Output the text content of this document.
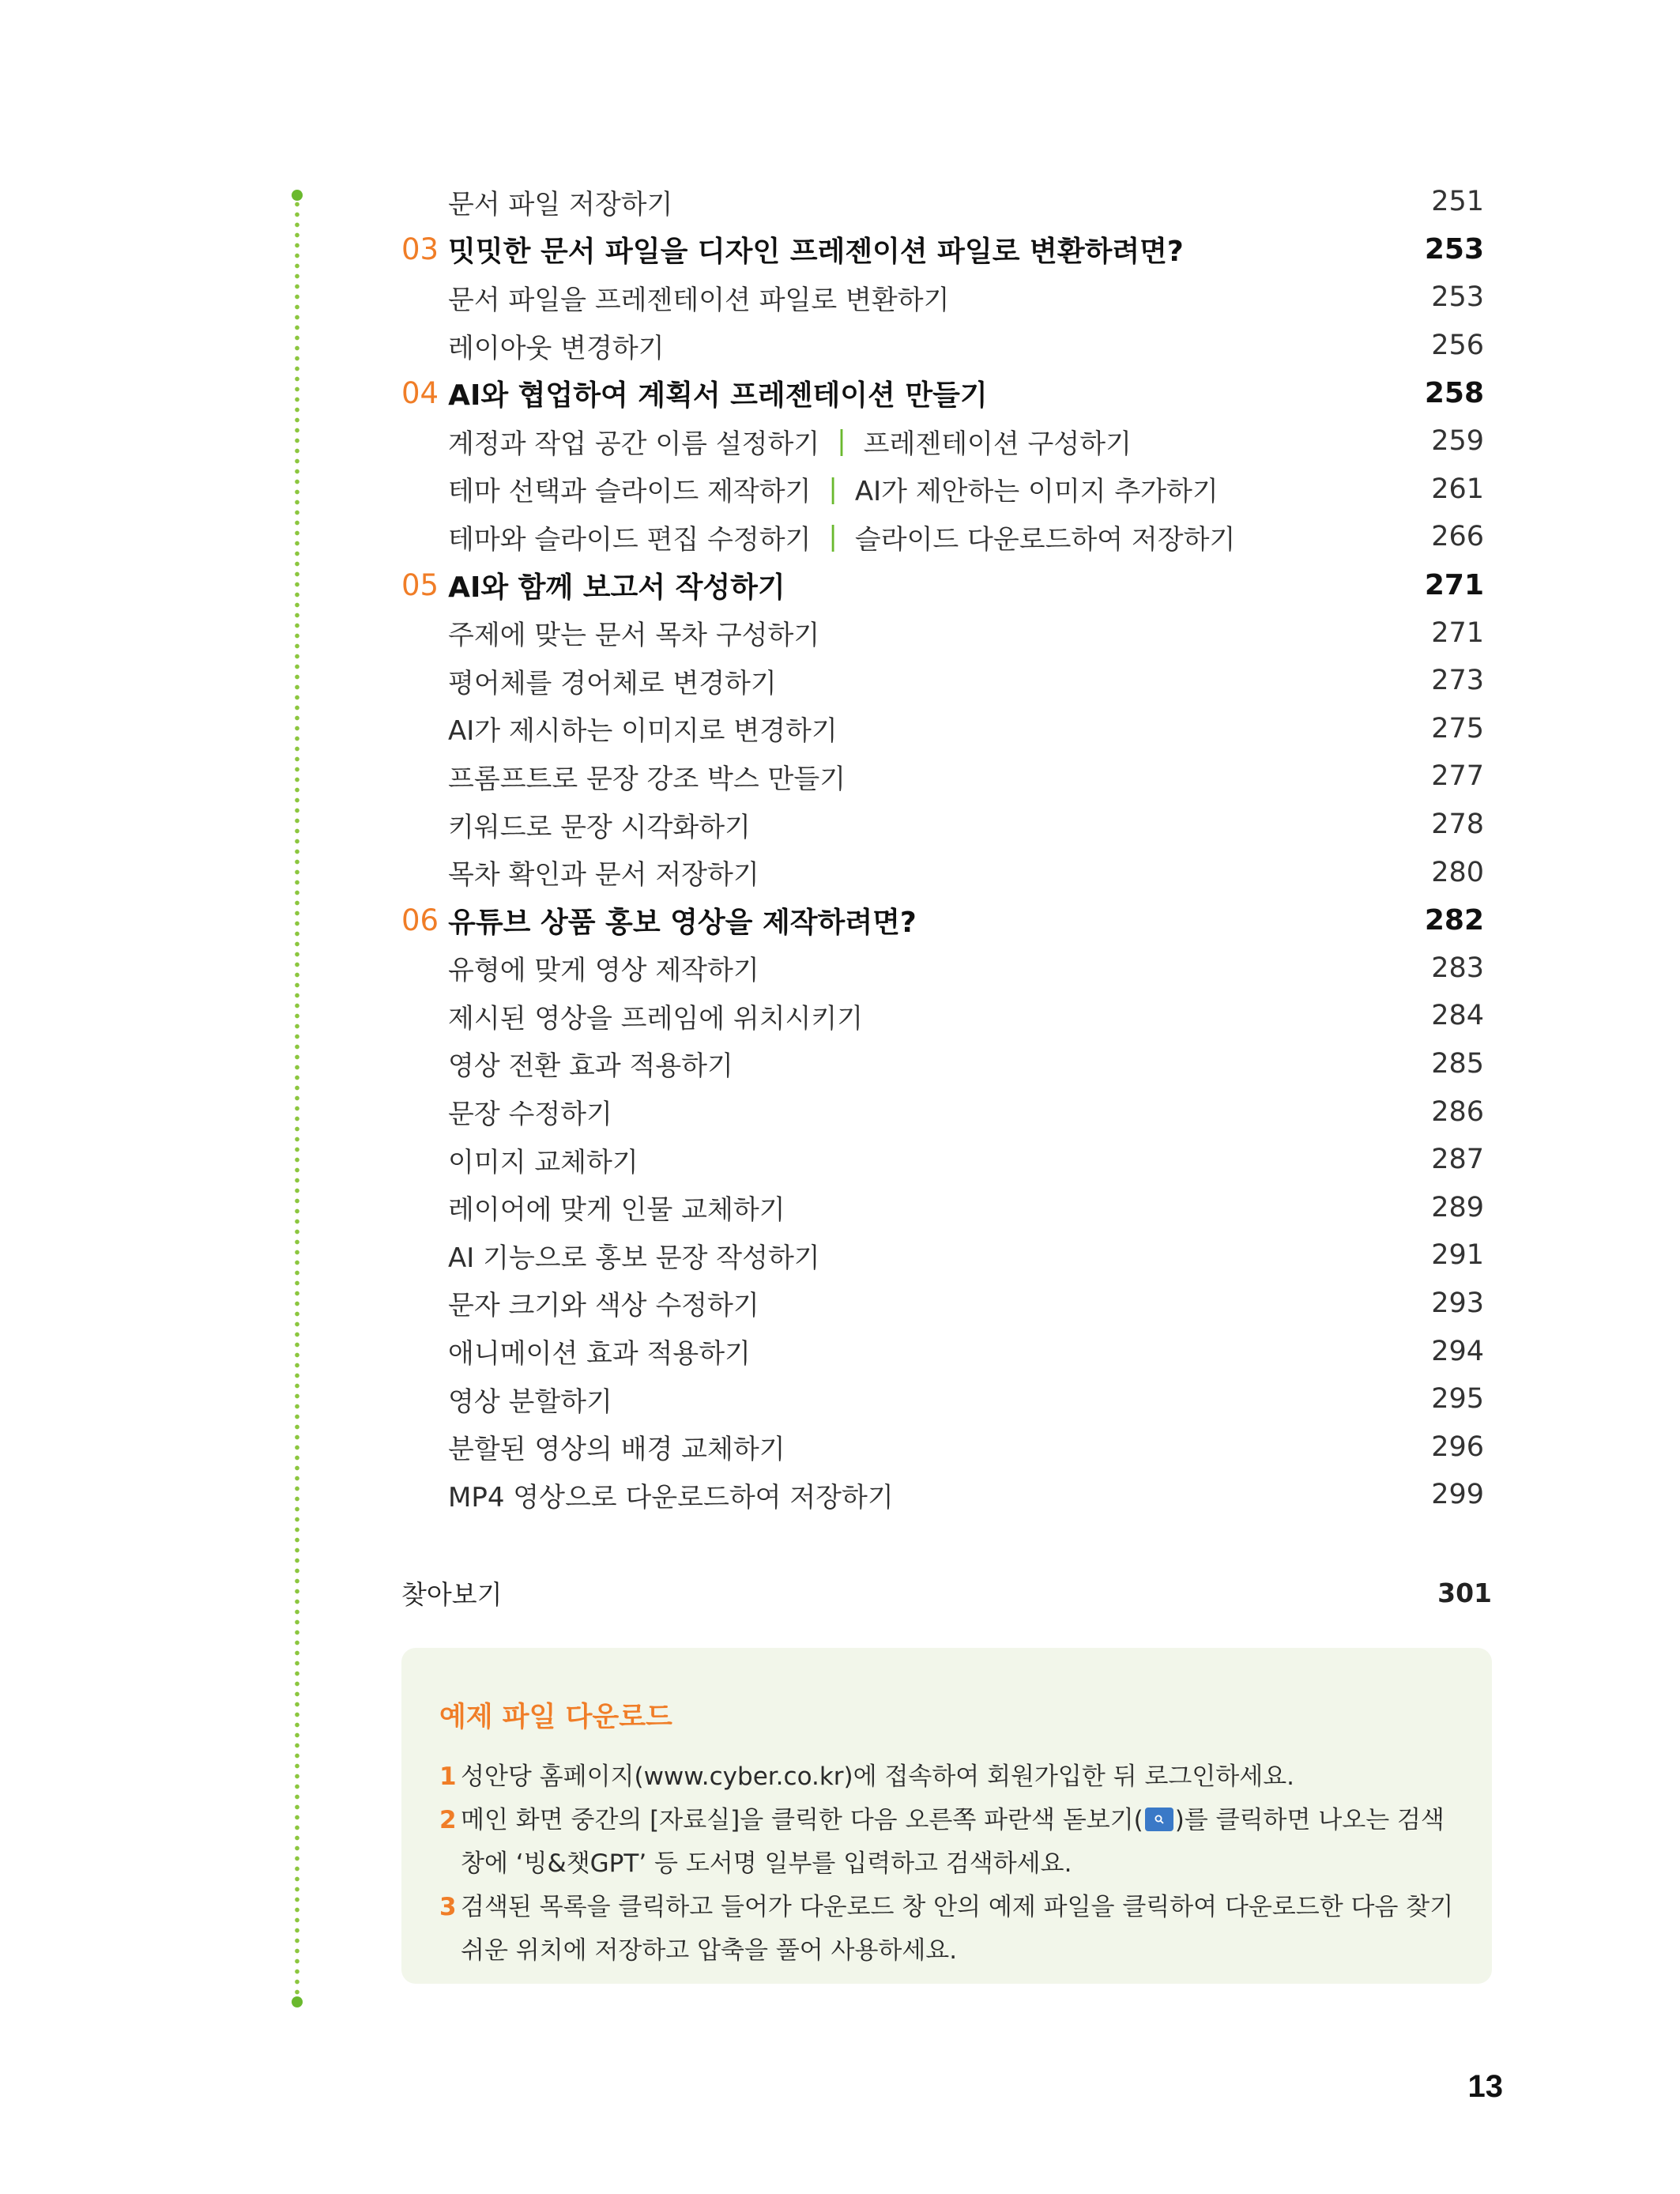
문서 파일 저장하기	251
03 밋밋한 문서 파일을 디자인 프레젠이션 파일로 변환하려면?	253
문서 파일을 프레젠테이션 파일로 변환하기	253
레이아웃 변경하기	256
04 AI와 협업하여 계획서 프레젠테이션 만들기	258
계정과 작업 공간 이름 설정하기 | 프레젠테이션 구성하기	259
테마 선택과 슬라이드 제작하기 | AI가 제안하는 이미지 추가하기	261
테마와 슬라이드 편집 수정하기 | 슬라이드 다운로드하여 저장하기	266
05 AI와 함께 보고서 작성하기	271
주제에 맞는 문서 목차 구성하기	271
평어체를 경어체로 변경하기	273
AI가 제시하는 이미지로 변경하기	275
프롬프트로 문장 강조 박스 만들기	277
키워드로 문장 시각화하기	278
목차 확인과 문서 저장하기	280
06 유튜브 상품 홍보 영상을 제작하려면?	282
유형에 맞게 영상 제작하기	283
제시된 영상을 프레임에 위치시키기	284
영상 전환 효과 적용하기	285
문장 수정하기	286
이미지 교체하기	287
레이어에 맞게 인물 교체하기	289
AI 기능으로 홍보 문장 작성하기	291
문자 크기와 색상 수정하기	293
애니메이션 효과 적용하기	294
영상 분할하기	295
분할된 영상의 배경 교체하기	296
MP4 영상으로 다운로드하여 저장하기	299
찾아보기	301
예제 파일 다운로드
1 성안당 홈페이지(www.cyber.co.kr)에 접속하여 회원가입한 뒤 로그인하세요.
2 메인 화면 중간의 [자료실]을 클릭한 다음 오른쪽 파란색 돋보기( )를 클릭하면 나오는 검색 창에 ‘빙&챗GPT’ 등 도서명 일부를 입력하고 검색하세요.
3 검색된 목록을 클릭하고 들어가 다운로드 창 안의 예제 파일을 클릭하여 다운로드한 다음 찾기 쉬운 위치에 저장하고 압축을 풀어 사용하세요.
13
